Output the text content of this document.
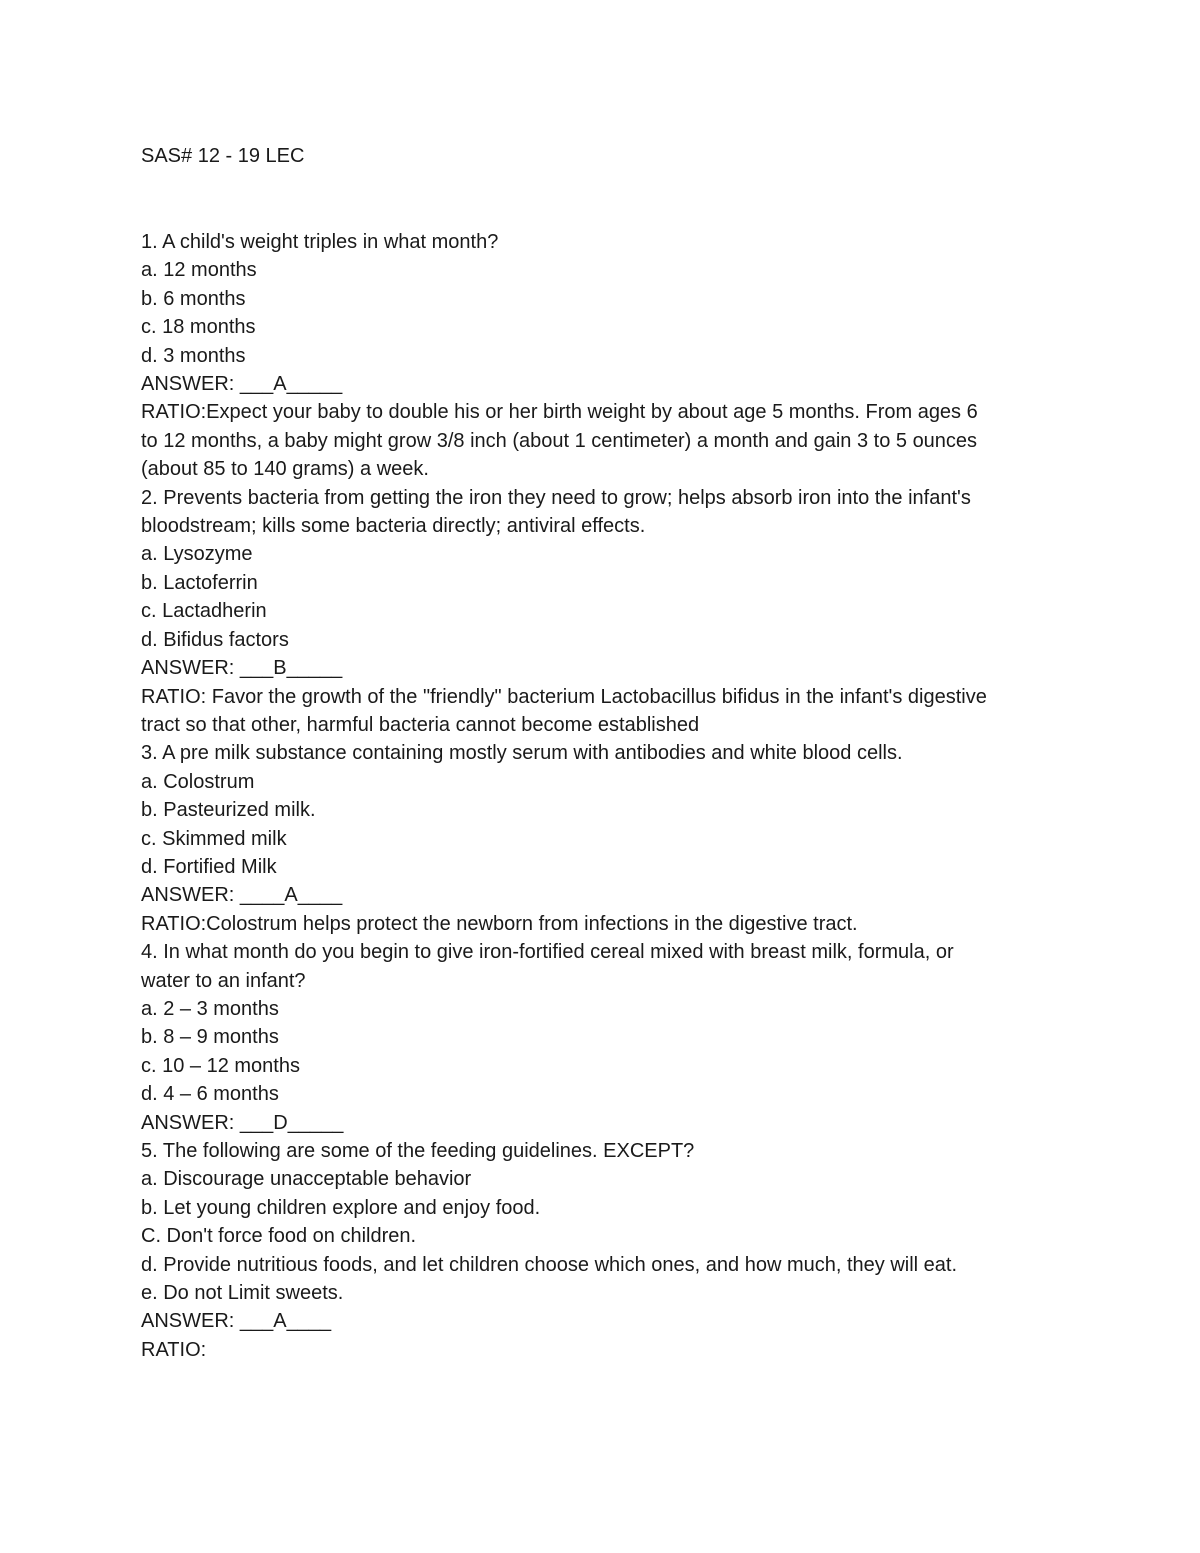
SAS# 12 - 19 LEC
1. A child's weight triples in what month?
a. 12 months
b. 6 months
c. 18 months
d. 3 months
ANSWER: ___A_____
RATIO:Expect your baby to double his or her birth weight by about age 5 months. From ages 6
to 12 months, a baby might grow 3/8 inch (about 1 centimeter) a month and gain 3 to 5 ounces
(about 85 to 140 grams) a week.
2. Prevents bacteria from getting the iron they need to grow; helps absorb iron into the infant's
bloodstream; kills some bacteria directly; antiviral effects.
a. Lysozyme
b. Lactoferrin
c. Lactadherin
d. Bifidus factors
ANSWER: ___B_____
RATIO: Favor the growth of the "friendly" bacterium Lactobacillus bifidus in the infant's digestive
tract so that other, harmful bacteria cannot become established
3. A pre milk substance containing mostly serum with antibodies and white blood cells.
a. Colostrum
b. Pasteurized milk.
c. Skimmed milk
d. Fortified Milk
ANSWER: ____A____
RATIO:Colostrum helps protect the newborn from infections in the digestive tract.
4. In what month do you begin to give iron-fortified cereal mixed with breast milk, formula, or
water to an infant?
a. 2 – 3 months
b. 8 – 9 months
c. 10 – 12 months
d. 4 – 6 months
ANSWER: ___D_____
5. The following are some of the feeding guidelines. EXCEPT?
a. Discourage unacceptable behavior
b. Let young children explore and enjoy food.
C. Don't force food on children.
d. Provide nutritious foods, and let children choose which ones, and how much, they will eat.
e. Do not Limit sweets.
ANSWER: ___A____
RATIO:
